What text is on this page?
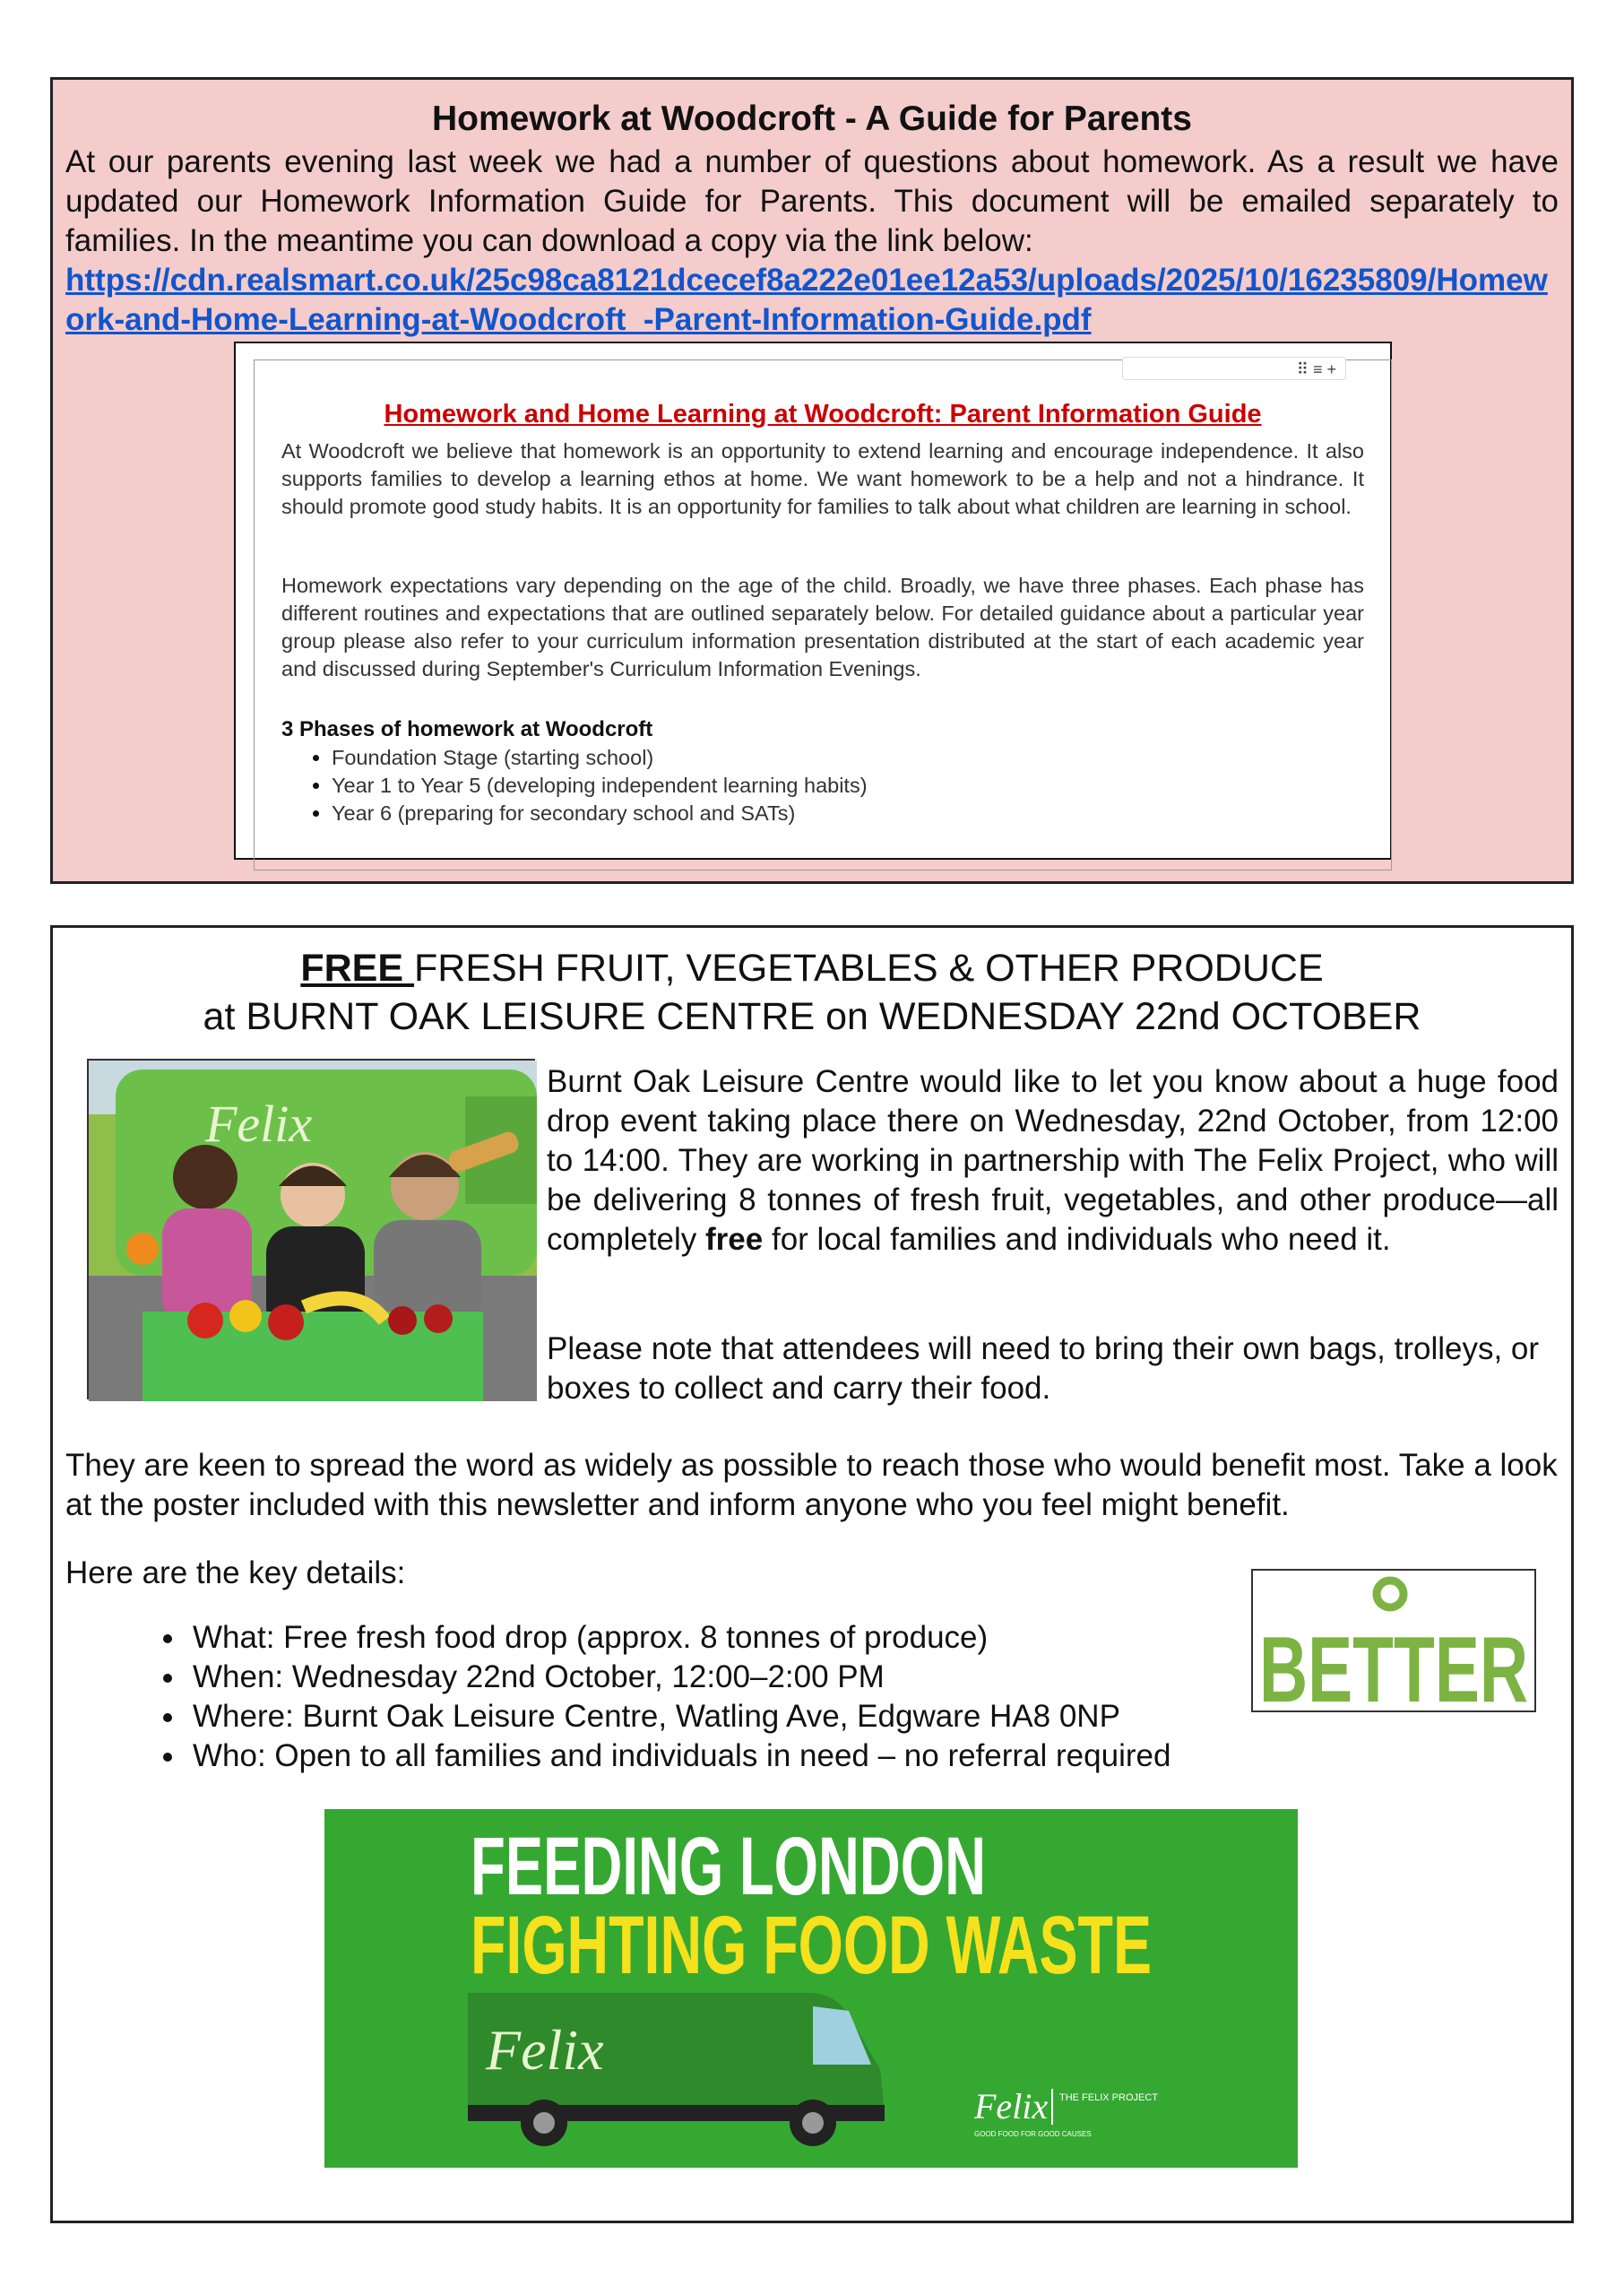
Homework at Woodcroft - A Guide for Parents
At our parents evening last week we had a number of questions about homework. As a result we have updated our Homework Information Guide for Parents. This document will be emailed separately to families. In the meantime you can download a copy via the link below:
https://cdn.realsmart.co.uk/25c98ca8121dcecef8a222e01ee12a53/uploads/2025/10/16235809/Homework-and-Home-Learning-at-Woodcroft_-Parent-Information-Guide.pdf
⠿ ≡ +
Homework and Home Learning at Woodcroft: Parent Information Guide
At Woodcroft we believe that homework is an opportunity to extend learning and encourage independence. It also supports families to develop a learning ethos at home. We want homework to be a help and not a hindrance. It should promote good study habits. It is an opportunity for families to talk about what children are learning in school.
Homework expectations vary depending on the age of the child. Broadly, we have three phases. Each phase has different routines and expectations that are outlined separately below. For detailed guidance about a particular year group please also refer to your curriculum information presentation distributed at the start of each academic year and discussed during September's Curriculum Information Evenings.
3 Phases of homework at Woodcroft
• Foundation Stage (starting school)
• Year 1 to Year 5 (developing independent learning habits)
• Year 6 (preparing for secondary school and SATs)
FREE FRESH FRUIT, VEGETABLES & OTHER PRODUCE
at BURNT OAK LEISURE CENTRE on WEDNESDAY 22nd OCTOBER
Felix
Burnt Oak Leisure Centre would like to let you know about a huge food drop event taking place there on Wednesday, 22nd October, from 12:00 to 14:00. They are working in partnership with The Felix Project, who will be delivering 8 tonnes of fresh fruit, vegetables, and other produce—all completely free for local families and individuals who need it.
Please note that attendees will need to bring their own bags, trolleys, or boxes to collect and carry their food.
They are keen to spread the word as widely as possible to reach those who would benefit most. Take a look at the poster included with this newsletter and inform anyone who you feel might benefit.
Here are the key details:
• What: Free fresh food drop (approx. 8 tonnes of produce)
• When: Wednesday 22nd October, 12:00–2:00 PM
• Where: Burnt Oak Leisure Centre, Watling Ave, Edgware HA8 0NP
• Who: Open to all families and individuals in need – no referral required
BETTER
FEEDING LONDON
FIGHTING FOOD WASTE
Felix
Felix THE FELIX PROJECT
GOOD FOOD FOR GOOD CAUSES
